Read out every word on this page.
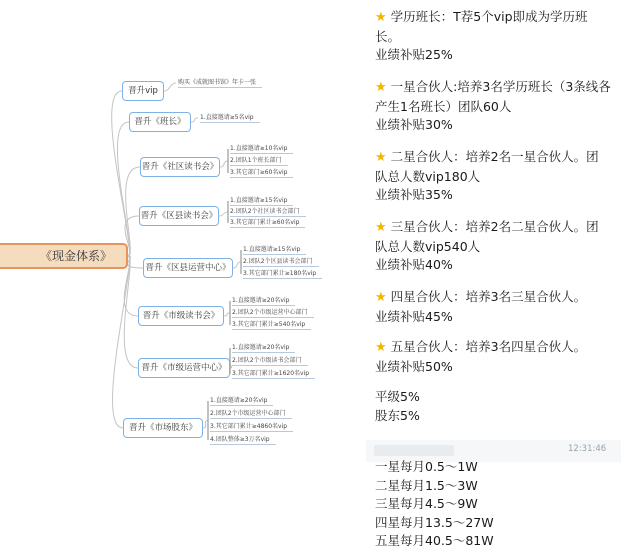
《现金体系》
晋升vip
购买《成就图书馆》年卡一张
晋升《班长》	1.直接邀请≥5名vip
晋升《社区读书会》
1.直接邀请≥10名vip
2.团队1个班长部门
3.其它部门≥60名vip
晋升《区县读书会》
1.直接邀请≥15名vip
2.团队2个社区读书会部门
3.其它部门累计≥60名vip
晋升《区县运营中心》
1.直接邀请≥15名vip
2.团队2个区县读书会部门
3.其它部门累计≥180名vip
晋升《市级读书会》
1.直接邀请≥20名vip
2.团队2个市级运营中心部门
3.其它部门累计≥540名vip
晋升《市级运营中心》
1.直接邀请≥20名vip
2.团队2个市级读书会部门
3.其它部门累计≥1620名vip
晋升《市场股东》
1.直接邀请≥20名vip
2.团队2个市级运营中心部门
3.其它部门累计≥4860名vip
4.团队整体≥3万名vip
★ 学历班长：T荐5个vip即成为学历班
长。
业绩补贴25%
★ 一星合伙人:培养3名学历班长（3条线各
产生1名班长）团队60人
业绩补贴30%
★ 二星合伙人：培养2名一星合伙人。团
队总人数vip180人
业绩补贴35%
★ 三星合伙人：培养2名二星合伙人。团
队总人数vip540人
业绩补贴40%
★ 四星合伙人：培养3名三星合伙人。
业绩补贴45%
★ 五星合伙人：培养3名四星合伙人。
业绩补贴50%
平级5%
股东5%
12:31:46
一星每月0.5～1W
二星每月1.5～3W
三星每月4.5～9W
四星每月13.5～27W
五星每月40.5～81W
